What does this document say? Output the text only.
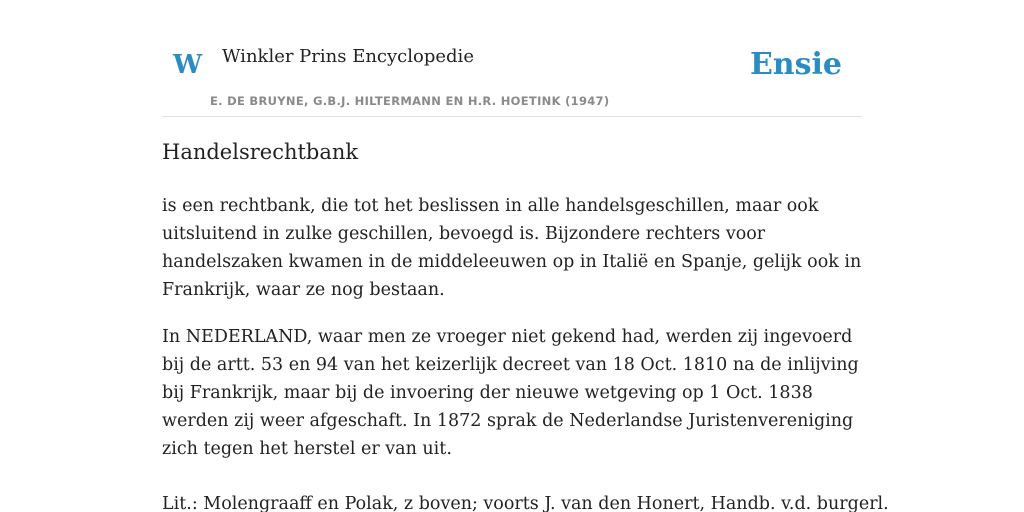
W Winkler Prins Encyclopedie
E. DE BRUYNE, G.B.J. HILTERMANN EN H.R. HOETINK (1947)
Ensie
Handelsrechtbank

is een rechtbank, die tot het beslissen in alle handelsgeschillen, maar ook uitsluitend in zulke geschillen, bevoegd is. Bijzondere rechters voor handelszaken kwamen in de middeleeuwen op in Italië en Spanje, gelijk ook in Frankrijk, waar ze nog bestaan.

In NEDERLAND, waar men ze vroeger niet gekend had, werden zij ingevoerd bij de artt. 53 en 94 van het keizerlijk decreet van 18 Oct. 1810 na de inlijving bij Frankrijk, maar bij de invoering der nieuwe wetgeving op 1 Oct. 1838 werden zij weer afgeschaft. In 1872 sprak de Nederlandse Juristenvereniging zich tegen het herstel er van uit.

Lit.: Molengraaff en Polak, z boven; voorts J. van den Honert, Handb. v.d. burgerl.
